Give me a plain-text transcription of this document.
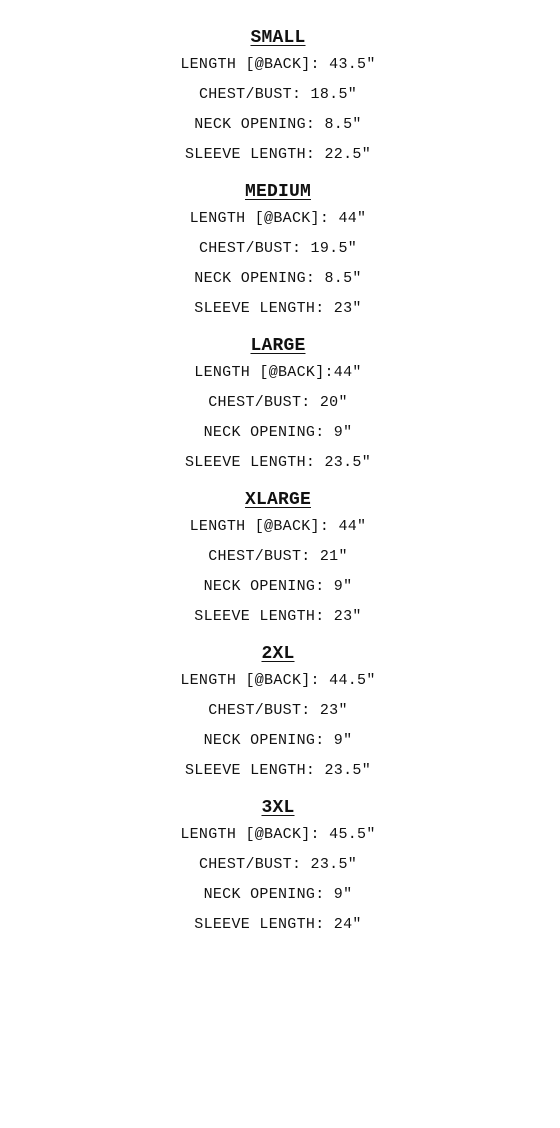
SMALL

LENGTH [@BACK]: 43.5"

CHEST/BUST: 18.5"

NECK OPENING: 8.5"

SLEEVE LENGTH: 22.5"

MEDIUM

LENGTH [@BACK]: 44"

CHEST/BUST: 19.5"

NECK OPENING: 8.5"

SLEEVE LENGTH: 23"

LARGE

LENGTH [@BACK]:44"

CHEST/BUST: 20"

NECK OPENING: 9"

SLEEVE LENGTH: 23.5"

XLARGE

LENGTH [@BACK]: 44"

CHEST/BUST: 21"

NECK OPENING: 9"

SLEEVE LENGTH: 23"

2XL

LENGTH [@BACK]: 44.5"

CHEST/BUST: 23"

NECK OPENING: 9"

SLEEVE LENGTH: 23.5"

3XL

LENGTH [@BACK]: 45.5"

CHEST/BUST: 23.5"

NECK OPENING: 9"

SLEEVE LENGTH: 24"
